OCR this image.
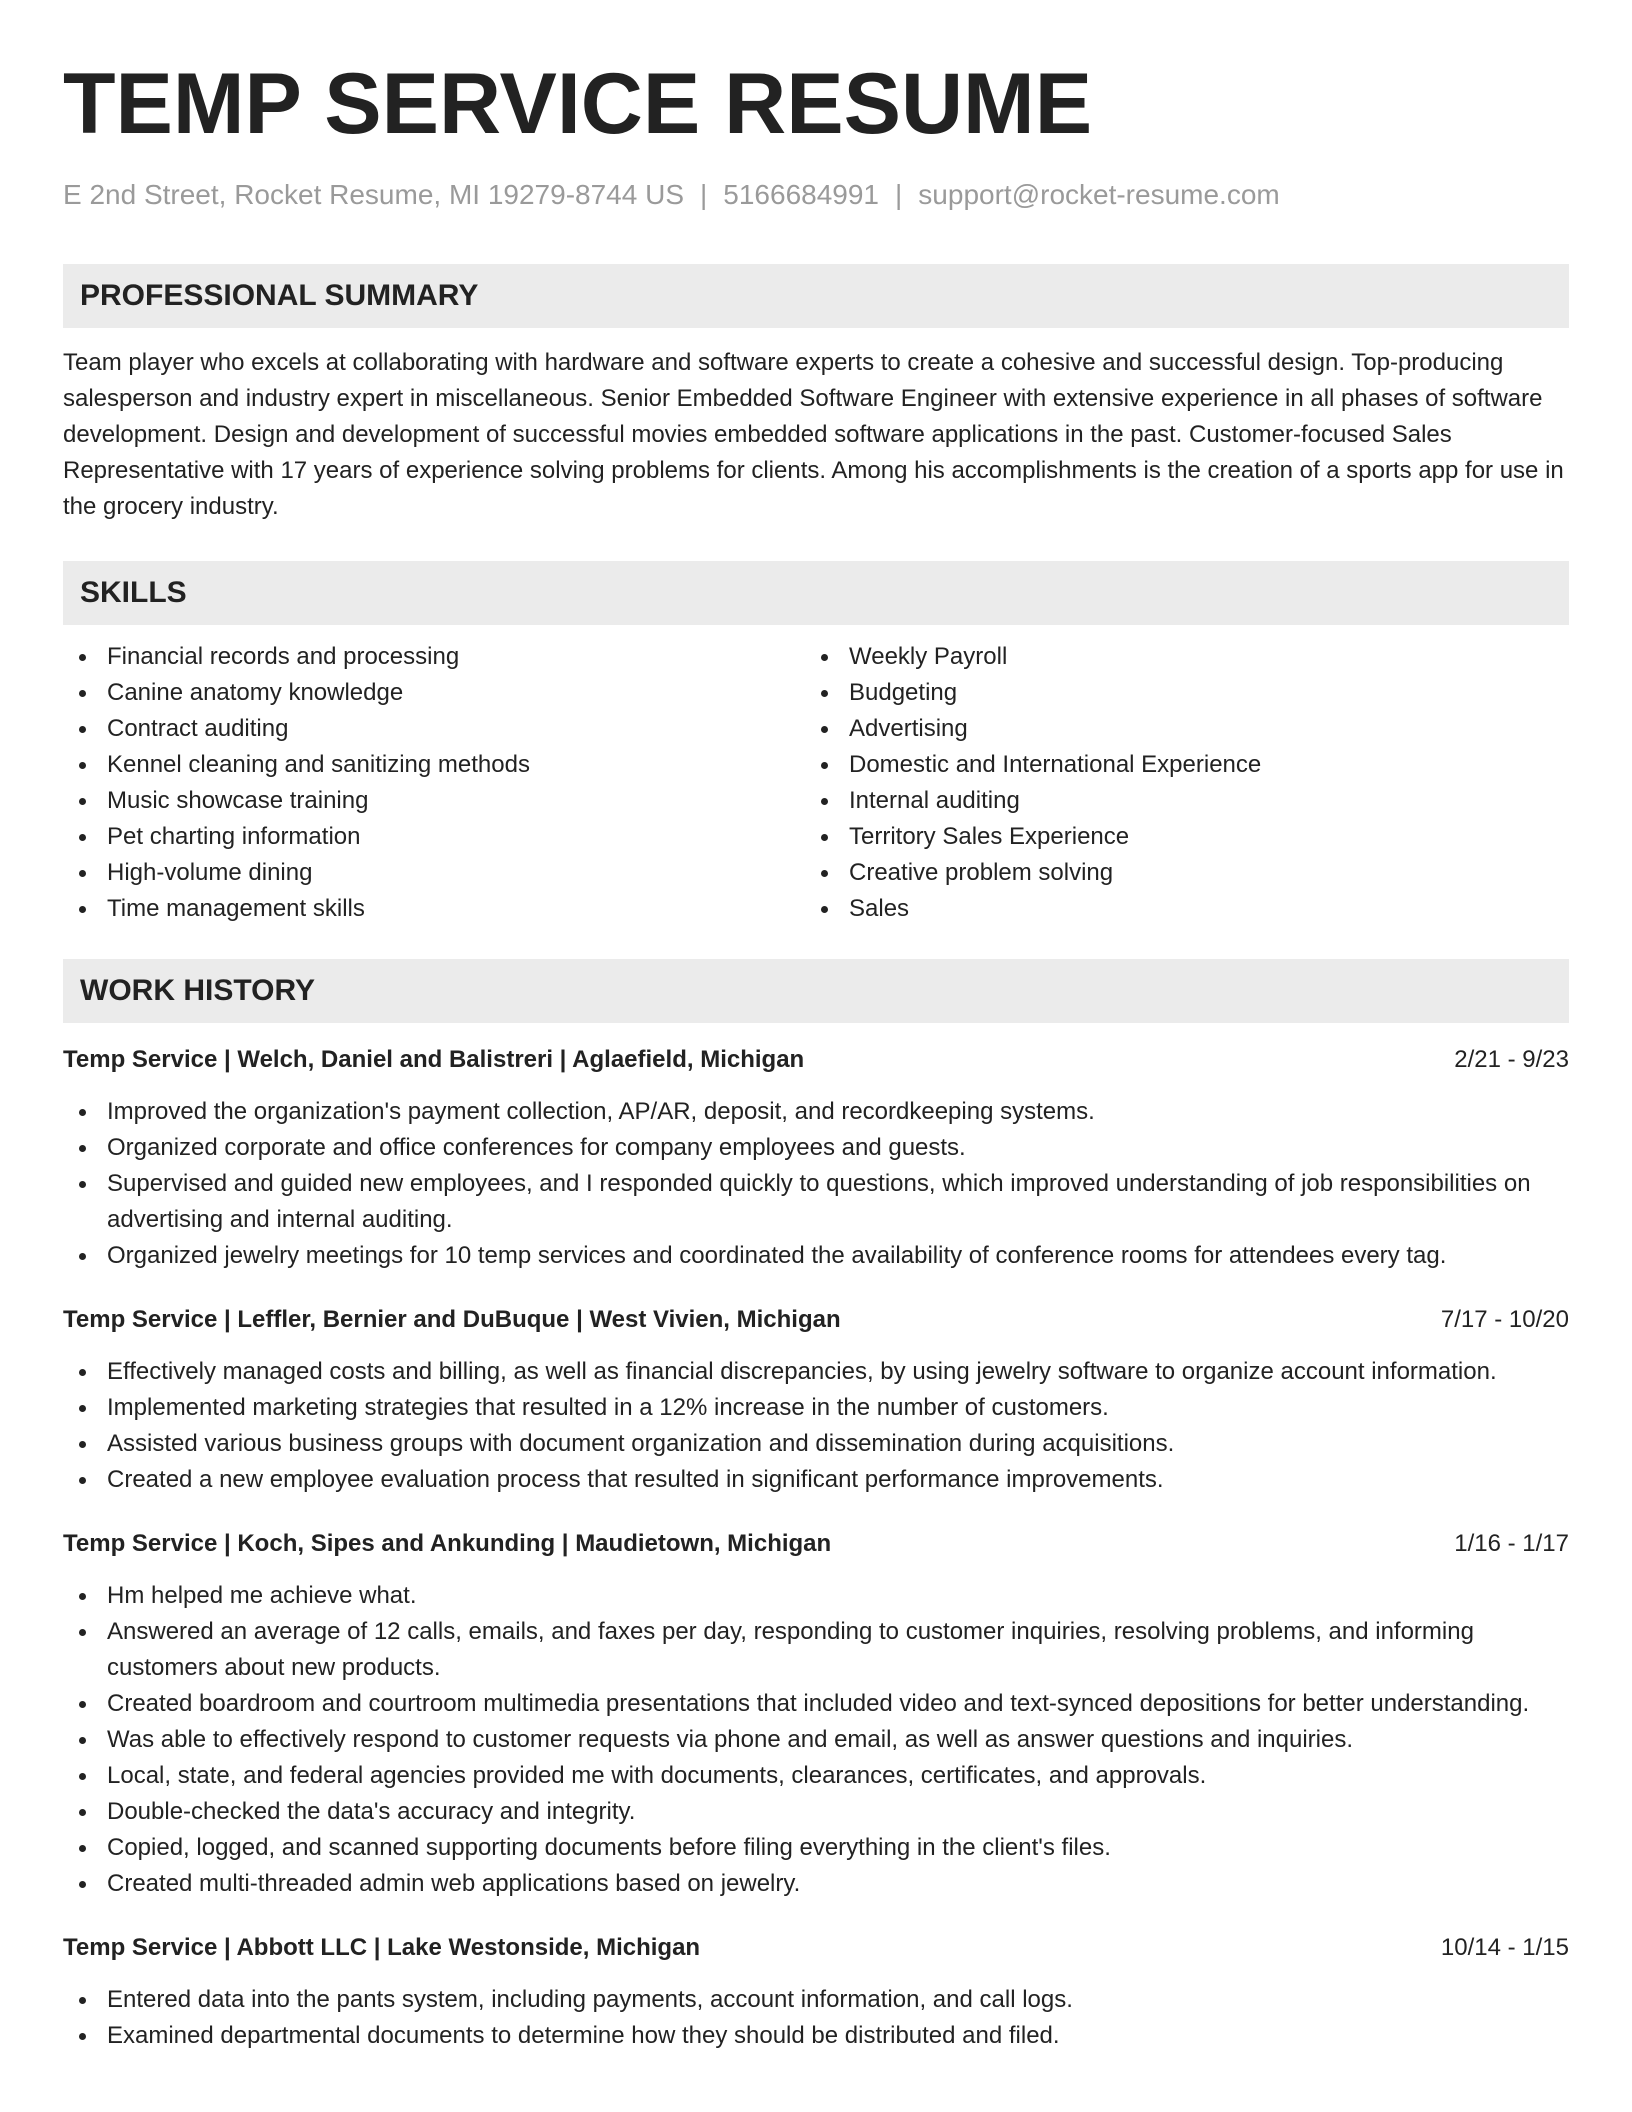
TEMP SERVICE RESUME
E 2nd Street, Rocket Resume, MI 19279-8744 US | 5166684991 | support@rocket-resume.com
PROFESSIONAL SUMMARY

Team player who excels at collaborating with hardware and software experts to create a cohesive and successful design. Top-producing salesperson and industry expert in miscellaneous. Senior Embedded Software Engineer with extensive experience in all phases of software development. Design and development of successful movies embedded software applications in the past. Customer-focused Sales Representative with 17 years of experience solving problems for clients. Among his accomplishments is the creation of a sports app for use in the grocery industry.

SKILLS
Financial records and processing
Canine anatomy knowledge
Contract auditing
Kennel cleaning and sanitizing methods
Music showcase training
Pet charting information
High-volume dining
Time management skills
Weekly Payroll
Budgeting
Advertising
Domestic and International Experience
Internal auditing
Territory Sales Experience
Creative problem solving
Sales
WORK HISTORY
Temp Service | Welch, Daniel and Balistreri | Aglaefield, Michigan	2/21 - 9/23
Improved the organization's payment collection, AP/AR, deposit, and recordkeeping systems.
Organized corporate and office conferences for company employees and guests.
Supervised and guided new employees, and I responded quickly to questions, which improved understanding of job responsibilities on advertising and internal auditing.
Organized jewelry meetings for 10 temp services and coordinated the availability of conference rooms for attendees every tag.
Temp Service | Leffler, Bernier and DuBuque | West Vivien, Michigan	7/17 - 10/20
Effectively managed costs and billing, as well as financial discrepancies, by using jewelry software to organize account information.
Implemented marketing strategies that resulted in a 12% increase in the number of customers.
Assisted various business groups with document organization and dissemination during acquisitions.
Created a new employee evaluation process that resulted in significant performance improvements.
Temp Service | Koch, Sipes and Ankunding | Maudietown, Michigan	1/16 - 1/17
Hm helped me achieve what.
Answered an average of 12 calls, emails, and faxes per day, responding to customer inquiries, resolving problems, and informing customers about new products.
Created boardroom and courtroom multimedia presentations that included video and text-synced depositions for better understanding.
Was able to effectively respond to customer requests via phone and email, as well as answer questions and inquiries.
Local, state, and federal agencies provided me with documents, clearances, certificates, and approvals.
Double-checked the data's accuracy and integrity.
Copied, logged, and scanned supporting documents before filing everything in the client's files.
Created multi-threaded admin web applications based on jewelry.
Temp Service | Abbott LLC | Lake Westonside, Michigan	10/14 - 1/15
Entered data into the pants system, including payments, account information, and call logs.
Examined departmental documents to determine how they should be distributed and filed.
